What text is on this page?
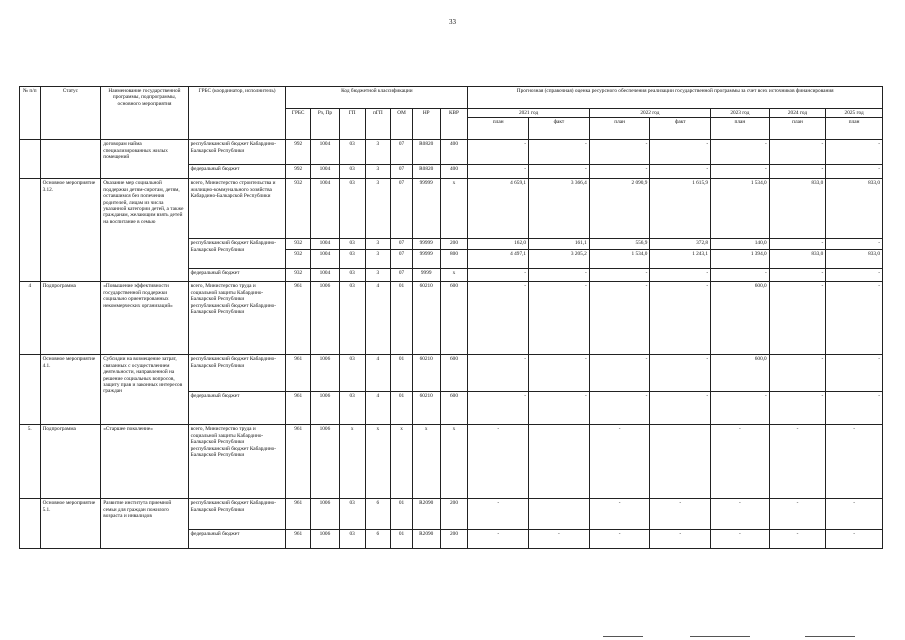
33
№ п/п	Статус	Наименование государственной программы, подпрограммы, основного мероприятия	ГРБС (координатор, исполнитель)	Код бюджетной классификации							Прогнозная (справочная) оценка ресурсного обеспечения реализации государственной программы за счет всех источников финансирования						
				ГРБС	Рз, Пр	ГП	пГП	ОМ	НР	КВР	2021 год		2022 год		2023 год	2024 год	2025 год
											план	факт	план	факт	план	план	план
		договорам найма специализированных жилых помещений	республиканский бюджет Кабардино-Балкарской Республики	992	1004	03	3	07	R0820	400	-	-	-	-	-	-	-
			федеральный бюджет	992	1004	03	3	07	R0820	400	-	-	-	-	-	-	-
	Основное мероприятие 3.12.	Оказание мер социальной поддержки детям-сиротам, детям, оставшимся без попечения родителей, лицам из числа указанной категории детей, а также гражданам, желающим взять детей на воспитание в семью	всего, Министерство строительства и жилищно-коммунального хозяйства Кабардино-Балкарской Республики	932	1004	03	3	07	99999	x	4 659,1	3 366,4	2 090,9	1 615,9	1 534,0	833,0	833,0
			республиканский бюджет Кабардино-Балкарской Республики	932	1004	03	3	07	99999	200	162,0	161,1	556,9	372,8	140,0	-	-
				932	1004	03	3	07	99999	800	4 497,1	3 205,2	1 534,0	1 243,1	1 394,0	833,0	833,0
			федеральный бюджет	932	1004	03	3	07	9999	x	-	-	-	-	-	-	-
4	Подпрограмма	«Повышение эффективности государственной поддержки социально ориентированных некоммерческих организаций»	всего, Министерство труда и социальной защиты Кабардино-Балкарской Республики республиканский бюджет Кабардино-Балкарской Республики	961	1006	03	4	01	60210	600	-	-	-	-	600,0	-	-
	Основное мероприятие 4.1.	Субсидии на возмещение затрат, связанных с осуществлением деятельности, направленной на решение социальных вопросов, защиту прав и законных интересов граждан	республиканский бюджет Кабардино-Балкарской Республики	961	1006	03	4	01	60210	600	-	-	-	-	600,0	-	-
			федеральный бюджет	961	1006	03	4	01	60210	600	-	-	-	-	-	-	-
5.	Подпрограмма	«Старшее поколение»	всего, Министерство труда и социальной защиты Кабардино-Балкарской Республики республиканский бюджет Кабардино-Балкарской Республики	961	1006	x	x	x	x	x	-		-		-	-	-
	Основное мероприятие 5.1.	Развитие института приемной семьи для граждан пожилого возраста и инвалидов	республиканский бюджет Кабардино-Балкарской Республики	961	1006	03	6	01	R2090	200	-		-	-	-	-	-
			федеральный бюджет	961	1006	03	6	01	R2090	200	-	-	-	-	-	-	-
